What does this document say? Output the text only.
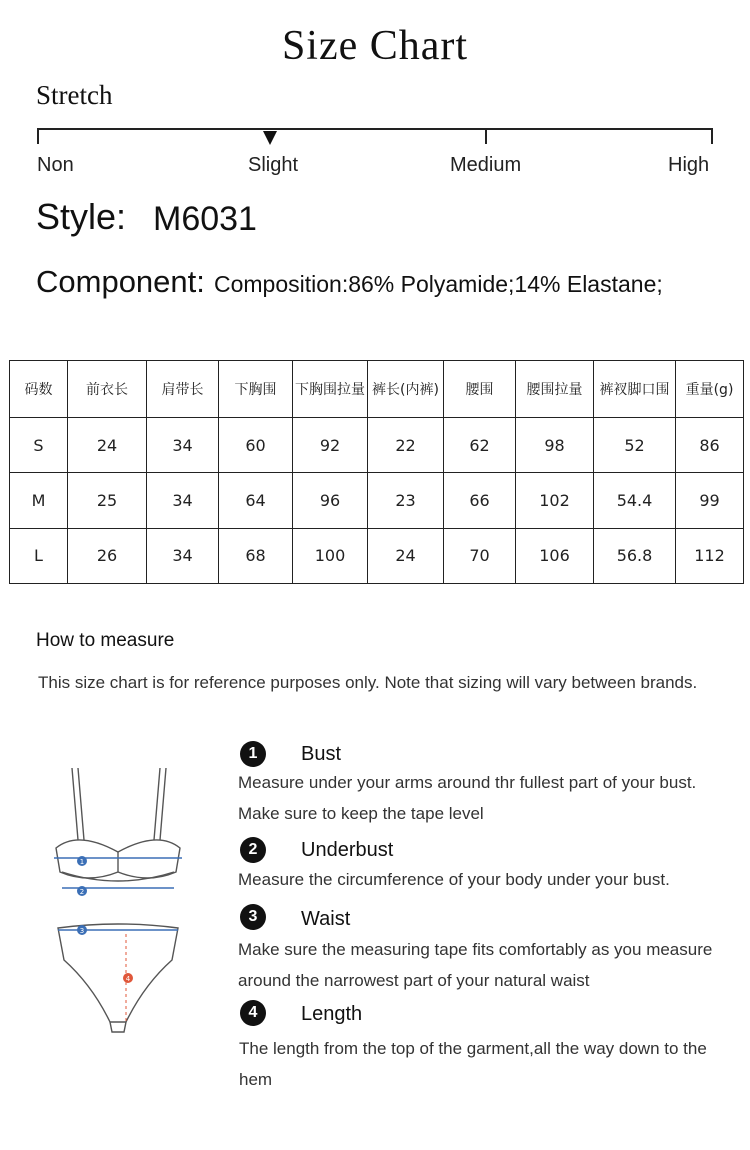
Size Chart
Stretch
Non	Slight	Medium	High
Style: M6031
Component: Composition:86% Polyamide;14% Elastane;
码数	前衣长	肩带长	下胸围	下胸围拉量	裤长(内裤)	腰围	腰围拉量	裤衩脚口围	重量(g)
S	24	34	60	92	22	62	98	52	86
M	25	34	64	96	23	66	102	54.4	99
L	26	34	68	100	24	70	106	56.8	112
How to measure
This size chart is for reference purposes only. Note that sizing will vary between brands.
1
2
3
4
1	Bust
Measure under your arms around thr fullest part of your bust. Make sure to keep the tape level
2	Underbust
Measure the circumference of your body under your bust.
3	Waist
Make sure the measuring tape fits comfortably as you measure around the narrowest part of your natural waist
4	Length
The length from the top of the garment,all the way down to the hem
